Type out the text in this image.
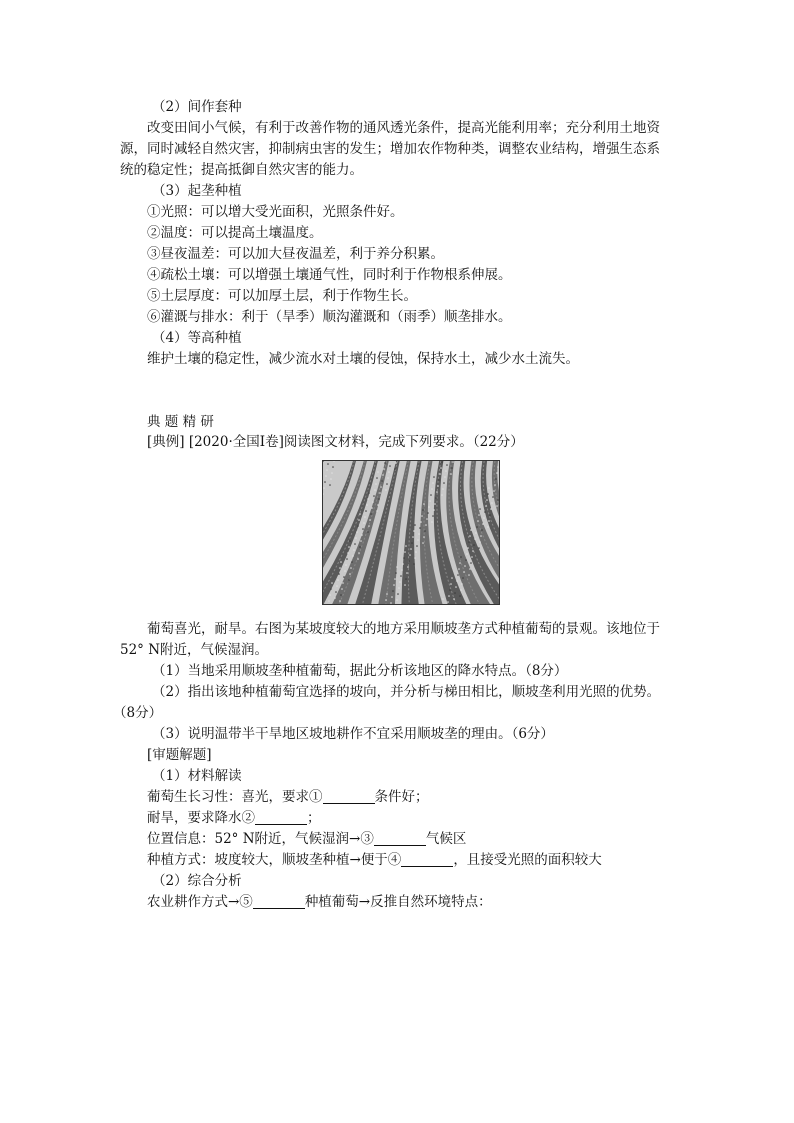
（2）间作套种
改变田间小气候，有利于改善作物的通风透光条件，提高光能利用率；充分利用土地资
源，同时减轻自然灾害，抑制病虫害的发生；增加农作物种类，调整农业结构，增强生态系
统的稳定性；提高抵御自然灾害的能力。
（3）起垄种植
①光照：可以增大受光面积，光照条件好。
②温度：可以提高土壤温度。
③昼夜温差：可以加大昼夜温差，利于养分积累。
④疏松土壤：可以增强土壤通气性，同时利于作物根系伸展。
⑤土层厚度：可以加厚土层，利于作物生长。
⑥灌溉与排水：利于（旱季）顺沟灌溉和（雨季）顺垄排水。
（4）等高种植
维护土壤的稳定性，减少流水对土壤的侵蚀，保持水土，减少水土流失。
典 题 精 研
[典例] [2020·全国Ⅰ卷]阅读图文材料，完成下列要求。（22分）
葡萄喜光，耐旱。右图为某坡度较大的地方采用顺坡垄方式种植葡萄的景观。该地位于
52° N附近，气候湿润。
（1）当地采用顺坡垄种植葡萄，据此分析该地区的降水特点。（8分）
（2）指出该地种植葡萄宜选择的坡向，并分析与梯田相比，顺坡垄利用光照的优势。
（8分）
（3）说明温带半干旱地区坡地耕作不宜采用顺坡垄的理由。（6分）
[审题解题]
（1）材料解读
葡萄生长习性：喜光，要求①	条件好；
耐旱，要求降水②	；
位置信息：52° N附近，气候湿润→③	气候区
种植方式：坡度较大，顺坡垄种植→便于④	，且接受光照的面积较大
（2）综合分析
农业耕作方式→⑤	种植葡萄→反推自然环境特点：
